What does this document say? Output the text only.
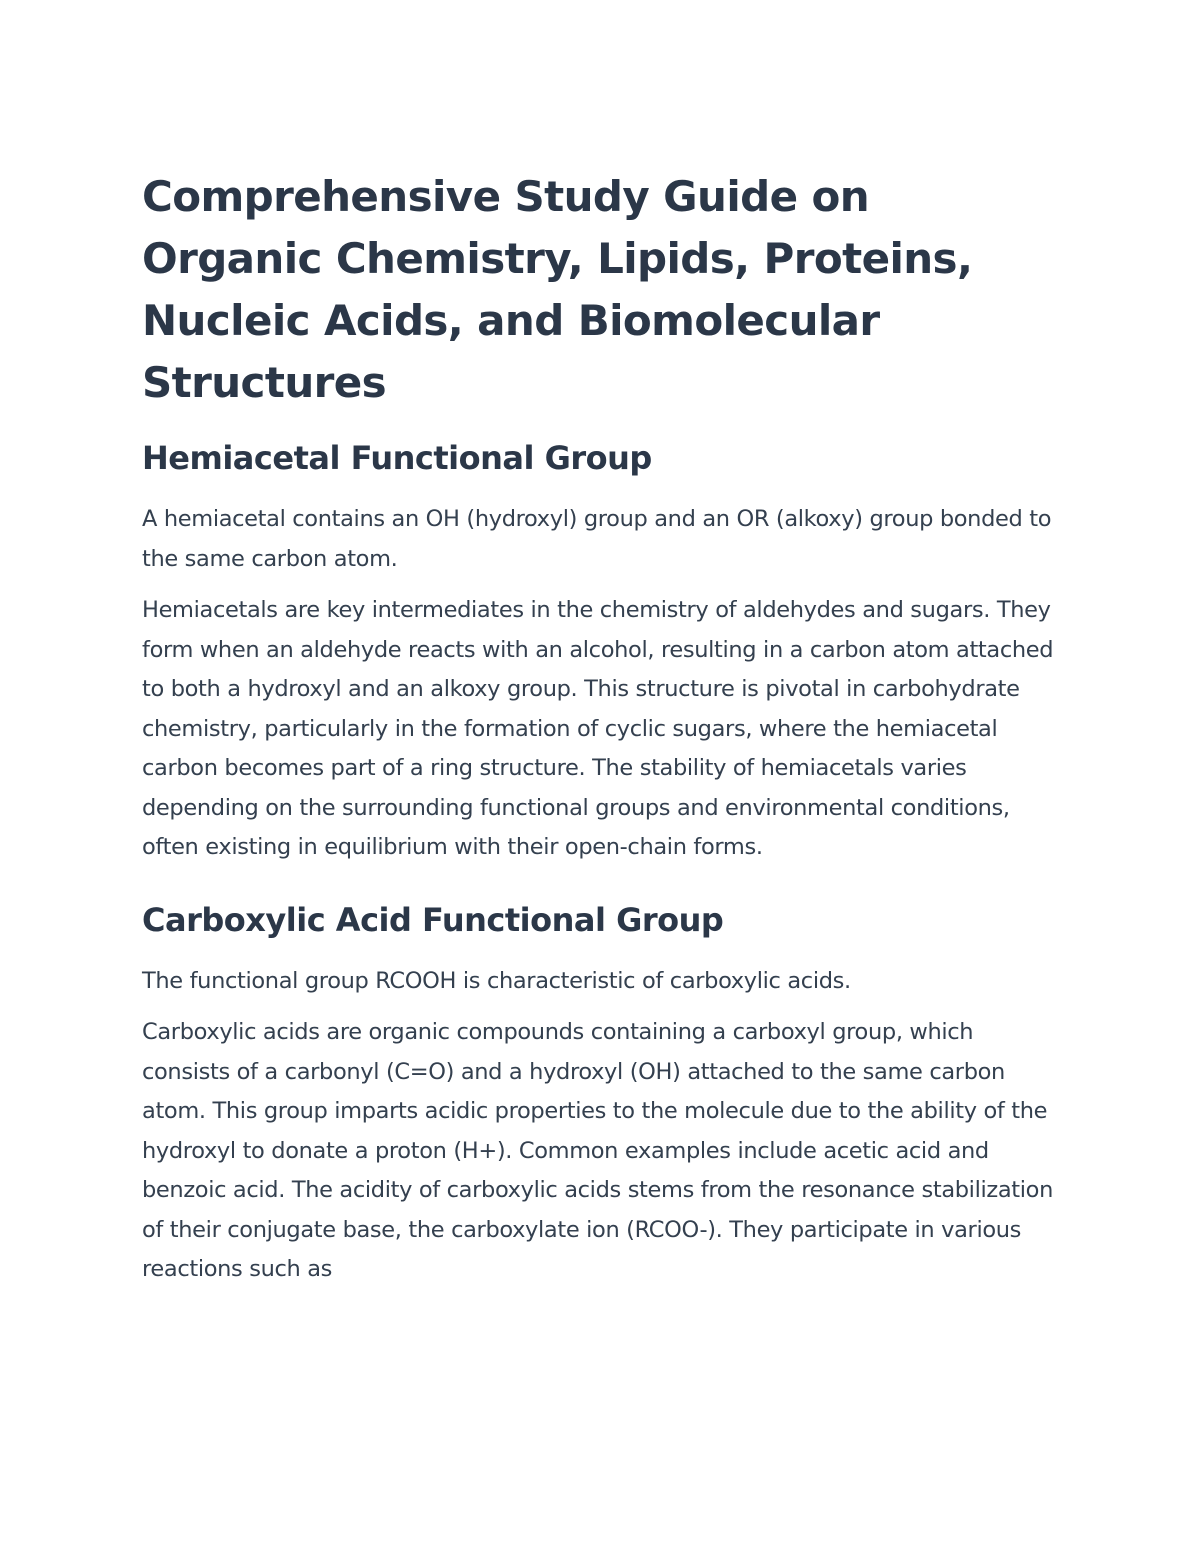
Comprehensive Study Guide on Organic Chemistry, Lipids, Proteins, Nucleic Acids, and Biomolecular Structures
Hemiacetal Functional Group

A hemiacetal contains an OH (hydroxyl) group and an OR (alkoxy) group bonded to the same carbon atom.

Hemiacetals are key intermediates in the chemistry of aldehydes and sugars. They form when an aldehyde reacts with an alcohol, resulting in a carbon atom attached to both a hydroxyl and an alkoxy group. This structure is pivotal in carbohydrate chemistry, particularly in the formation of cyclic sugars, where the hemiacetal carbon becomes part of a ring structure. The stability of hemiacetals varies depending on the surrounding functional groups and environmental conditions, often existing in equilibrium with their open-chain forms.

Carboxylic Acid Functional Group

The functional group RCOOH is characteristic of carboxylic acids.

Carboxylic acids are organic compounds containing a carboxyl group, which consists of a carbonyl (C=O) and a hydroxyl (OH) attached to the same carbon atom. This group imparts acidic properties to the molecule due to the ability of the hydroxyl to donate a proton (H+). Common examples include acetic acid and benzoic acid. The acidity of carboxylic acids stems from the resonance stabilization of their conjugate base, the carboxylate ion (RCOO-). They participate in various reactions such as
